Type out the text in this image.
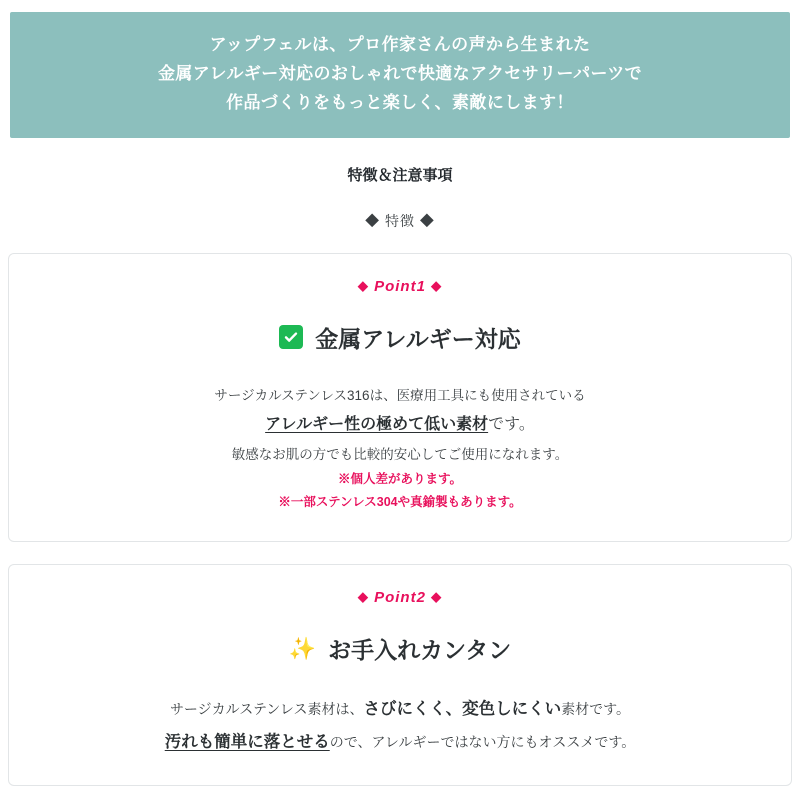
アップフェルは、プロ作家さんの声から生まれた
金属アレルギー対応のおしゃれで快適なアクセサリーパーツで
作品づくりをもっと楽しく、素敵にします！
特徴＆注意事項
◆ 特徴 ◆
◆ Point1 ◆
金属アレルギー対応
サージカルステンレス316は、医療用工具にも使用されている
アレルギー性の極めて低い素材です。
敏感なお肌の方でも比較的安心してご使用になれます。
※個人差があります。
※一部ステンレス304や真鍮製もあります。
◆ Point2 ◆
✨ お手入れカンタン
サージカルステンレス素材は、さびにくく、変色しにくい素材です。
汚れも簡単に落とせるので、アレルギーではない方にもオススメです。
